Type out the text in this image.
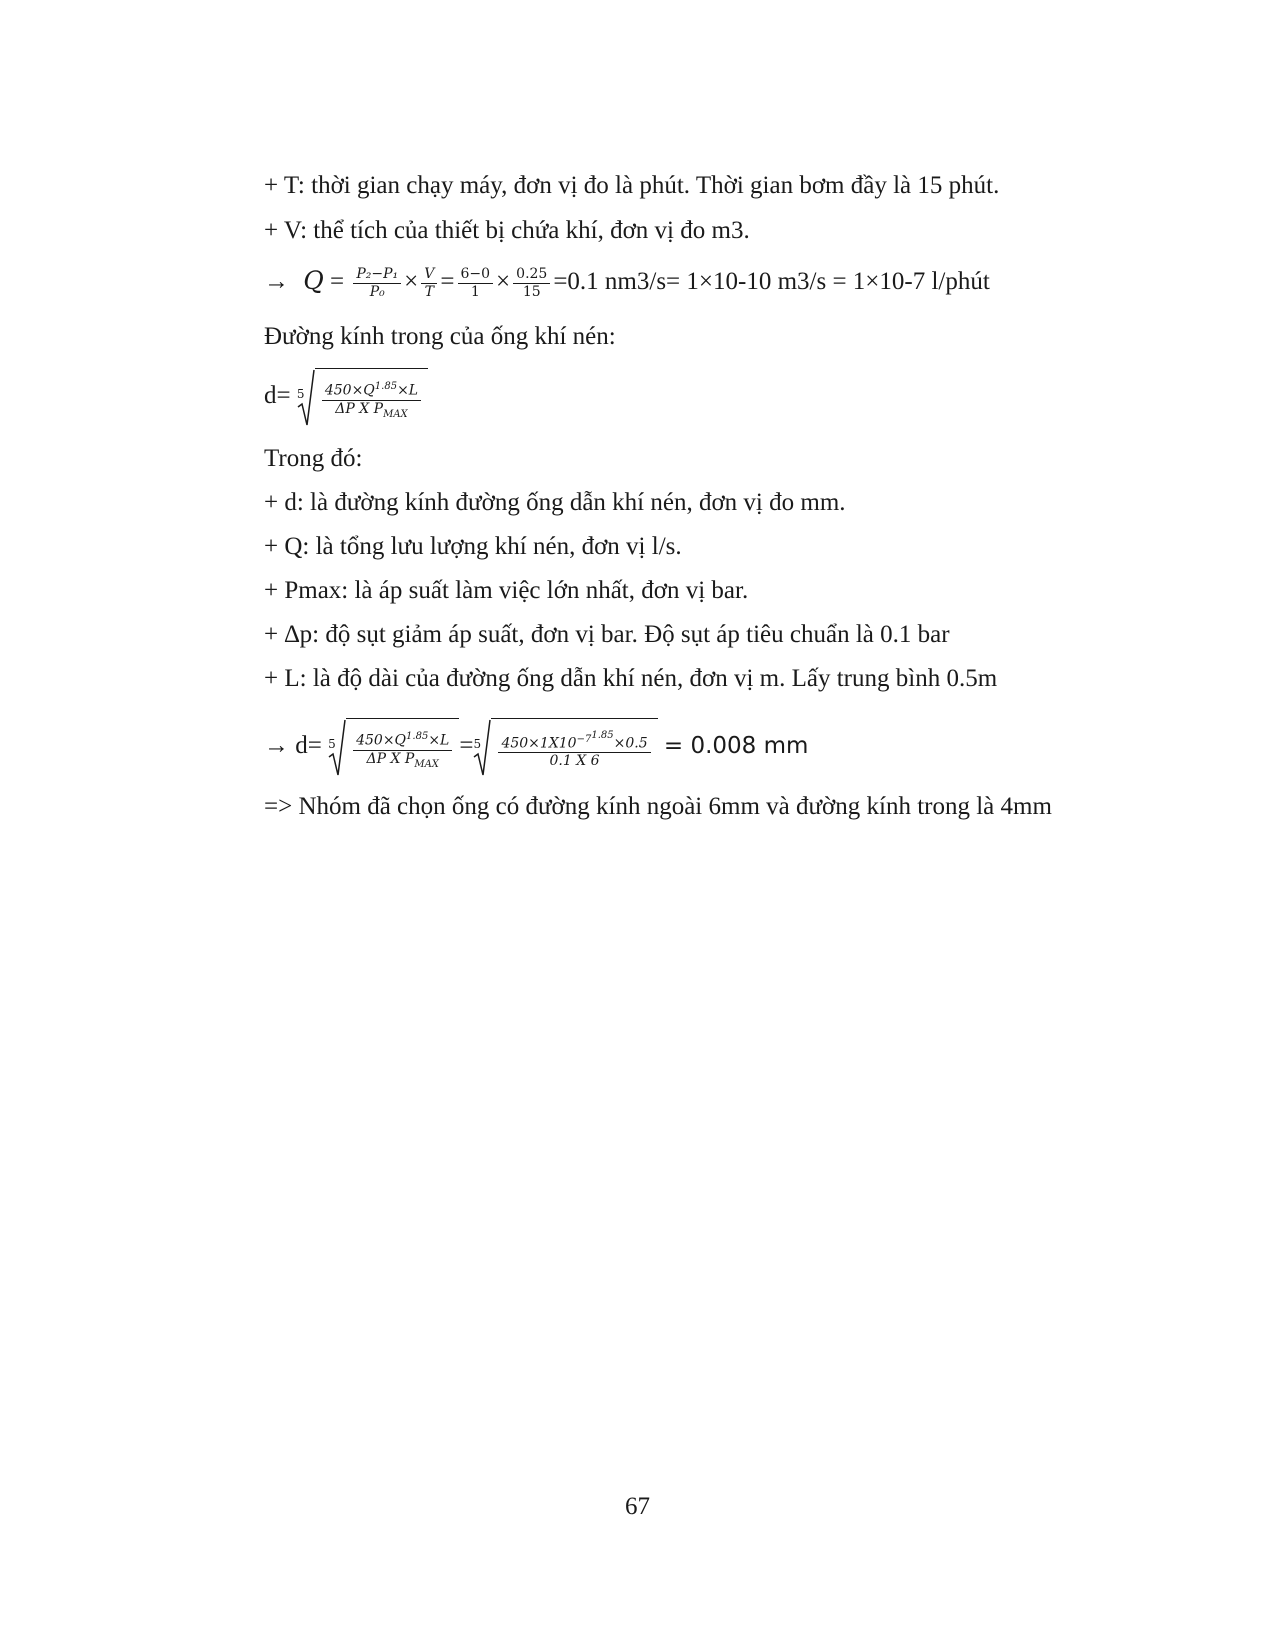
+ T: thời gian chạy máy, đơn vị đo là phút. Thời gian bơm đầy là 15 phút.
+ V: thể tích của thiết bị chứa khí, đơn vị đo m3.
→ $Q = \frac{\text{P₂−P₁}}{\text{P₀}} \times \frac{V}{T} = \frac{6-0}{1} \times \frac{0.25}{15} =0.1$ nm3/s= 1×10-10 m3/s = 1×10-7 l/phút
Đường kính trong của ống khí nén:
$d= 5 \frac{450\times Q^{1.85}\times L}{\Delta P X P_{MAX}}$
Trong đó:
+ d: là đường kính đường ống dẫn khí nén, đơn vị đo mm.
+ Q: là tổng lưu lượng khí nén, đơn vị l/s.
+ Pmax: là áp suất làm việc lớn nhất, đơn vị bar.
+ ∆p: độ sụt giảm áp suất, đơn vị bar. Độ sụt áp tiêu chuẩn là 0.1 bar
+ L: là độ dài của đường ống dẫn khí nén, đơn vị m. Lấy trung bình 0.5m
→ $d= 5 \frac{450\times Q^{1.85}\times L}{\Delta P X P_{MAX}} = 5 \frac{450\times 1X10^{-71.85}\times 0.5}{0.1 X 6} = 0.008$ mm
=> Nhóm đã chọn ống có đường kính ngoài 6mm và đường kính trong là 4mm
67
